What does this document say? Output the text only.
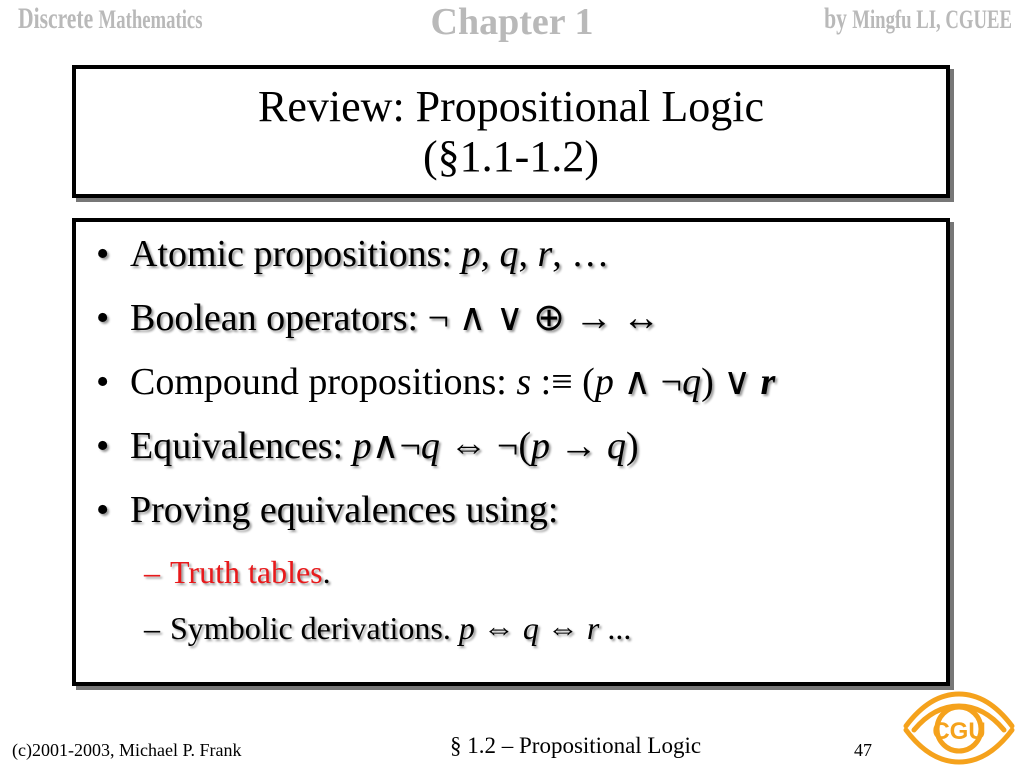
Discrete Mathematics	Chapter 1	by Mingfu LI, CGUEE
Review: Propositional Logic
(§1.1-1.2)
• Atomic propositions: p, q, r, …
• Boolean operators: ¬ ∧ ∨ ⊕ → ↔
• Compound propositions: s :≡ (p ∧ ¬q) ∨ r
• Equivalences: p∧¬q ⇔ ¬(p → q)
• Proving equivalences using:
– Truth tables.
– Symbolic derivations. p ⇔ q ⇔ r ...
(c)2001-2003, Michael P. Frank	§ 1.2 – Propositional Logic	47
CGU
